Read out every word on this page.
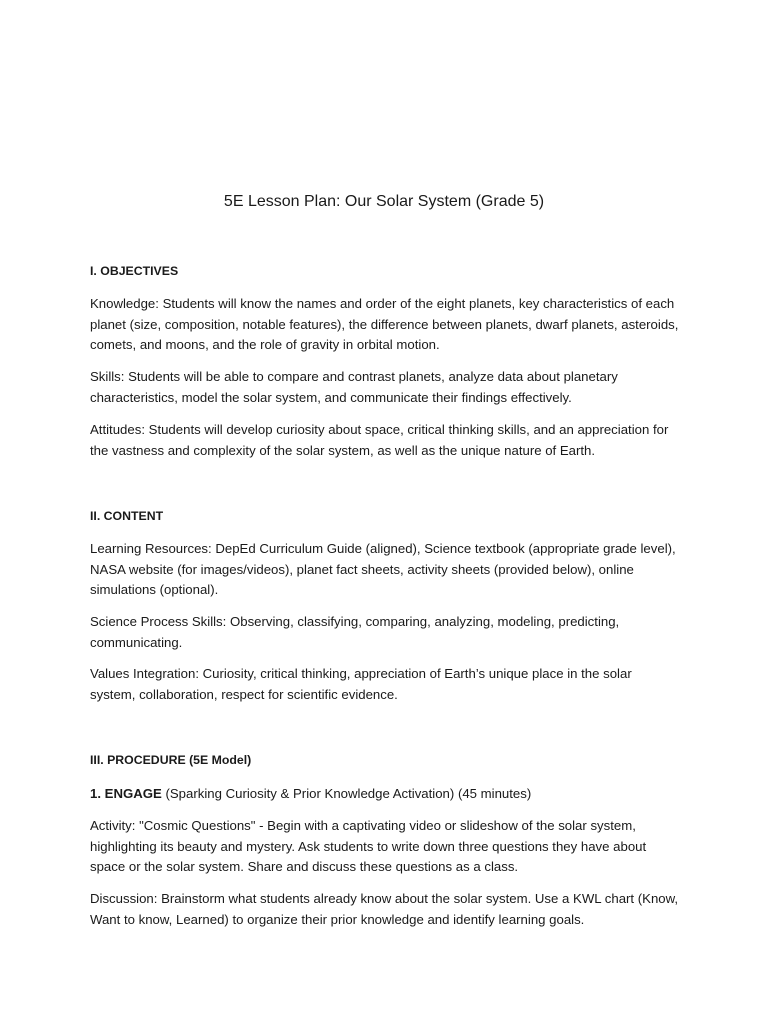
5E Lesson Plan: Our Solar System (Grade 5)
I. OBJECTIVES

Knowledge: Students will know the names and order of the eight planets, key characteristics of each planet (size, composition, notable features), the difference between planets, dwarf planets, asteroids, comets, and moons, and the role of gravity in orbital motion.

Skills: Students will be able to compare and contrast planets, analyze data about planetary characteristics, model the solar system, and communicate their findings effectively.

Attitudes: Students will develop curiosity about space, critical thinking skills, and an appreciation for the vastness and complexity of the solar system, as well as the unique nature of Earth.

II. CONTENT

Learning Resources: DepEd Curriculum Guide (aligned), Science textbook (appropriate grade level), NASA website (for images/videos), planet fact sheets, activity sheets (provided below), online simulations (optional).

Science Process Skills: Observing, classifying, comparing, analyzing, modeling, predicting, communicating.

Values Integration: Curiosity, critical thinking, appreciation of Earth’s unique place in the solar system, collaboration, respect for scientific evidence.

III. PROCEDURE (5E Model)

1. ENGAGE (Sparking Curiosity & Prior Knowledge Activation) (45 minutes)

Activity: "Cosmic Questions" - Begin with a captivating video or slideshow of the solar system, highlighting its beauty and mystery. Ask students to write down three questions they have about space or the solar system. Share and discuss these questions as a class.

Discussion: Brainstorm what students already know about the solar system. Use a KWL chart (Know, Want to know, Learned) to organize their prior knowledge and identify learning goals.
